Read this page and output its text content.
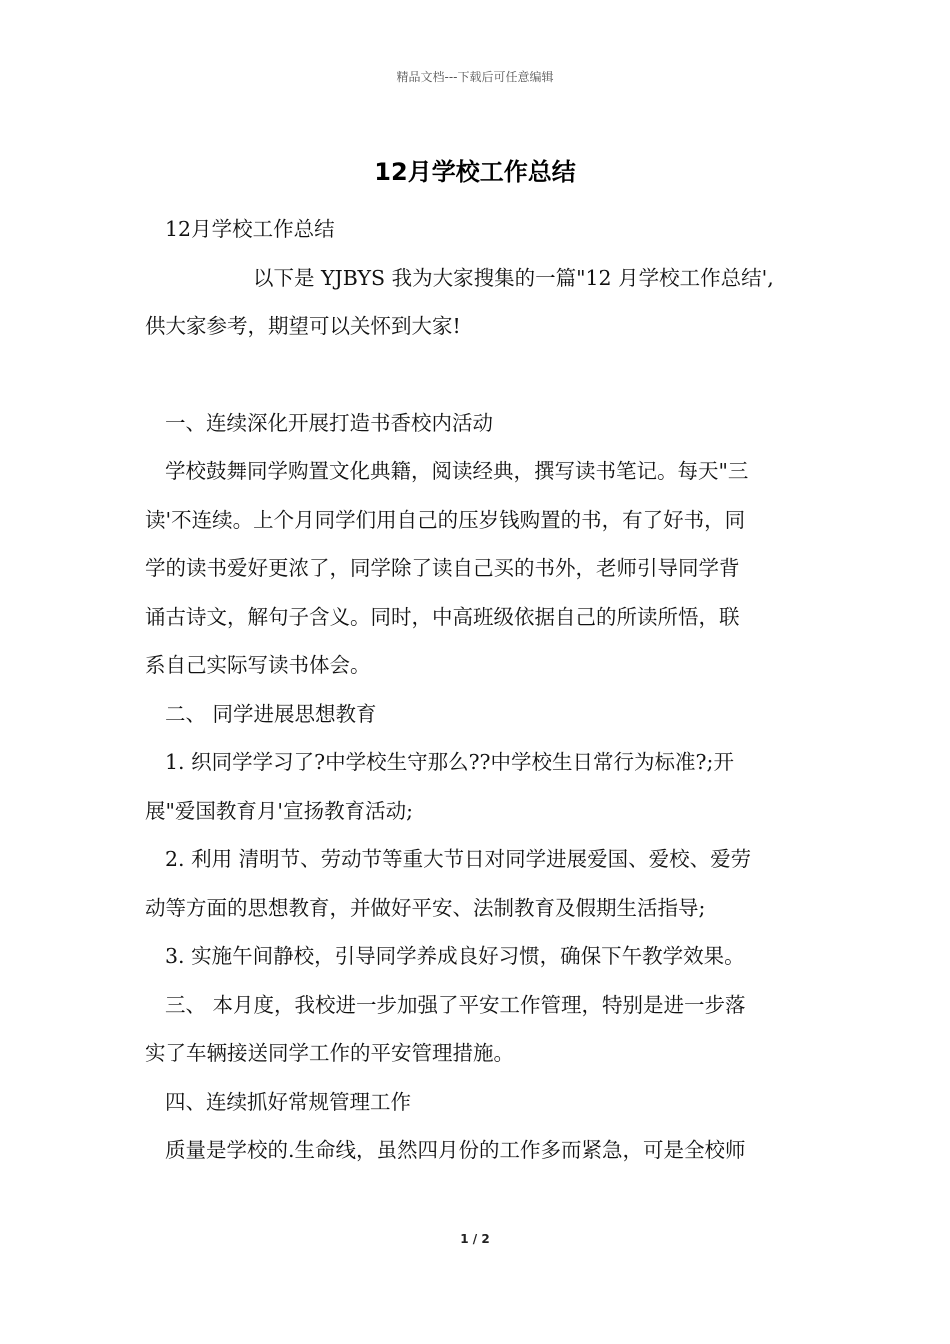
精品文档---下载后可任意编辑
12月学校工作总结

12月学校工作总结

以下是 YJBYS 我为大家搜集的一篇"12 月学校工作总结',

供大家参考，期望可以关怀到大家!

一、连续深化开展打造书香校内活动

学校鼓舞同学购置文化典籍，阅读经典，撰写读书笔记。每天"三

读'不连续。上个月同学们用自己的压岁钱购置的书，有了好书，同

学的读书爱好更浓了，同学除了读自己买的书外，老师引导同学背

诵古诗文，解句子含义。同时，中高班级依据自己的所读所悟，联

系自己实际写读书体会。

二、 同学进展思想教育

1. 织同学学习了?中学校生守那么??中学校生日常行为标准?;开

展"爱国教育月'宣扬教育活动;

2. 利用 清明节、劳动节等重大节日对同学进展爱国、爱校、爱劳

动等方面的思想教育，并做好平安、法制教育及假期生活指导;

3. 实施午间静校，引导同学养成良好习惯，确保下午教学效果。

三、 本月度，我校进一步加强了平安工作管理，特别是进一步落

实了车辆接送同学工作的平安管理措施。

四、连续抓好常规管理工作

质量是学校的.生命线，虽然四月份的工作多而紧急，可是全校师

1 / 2
